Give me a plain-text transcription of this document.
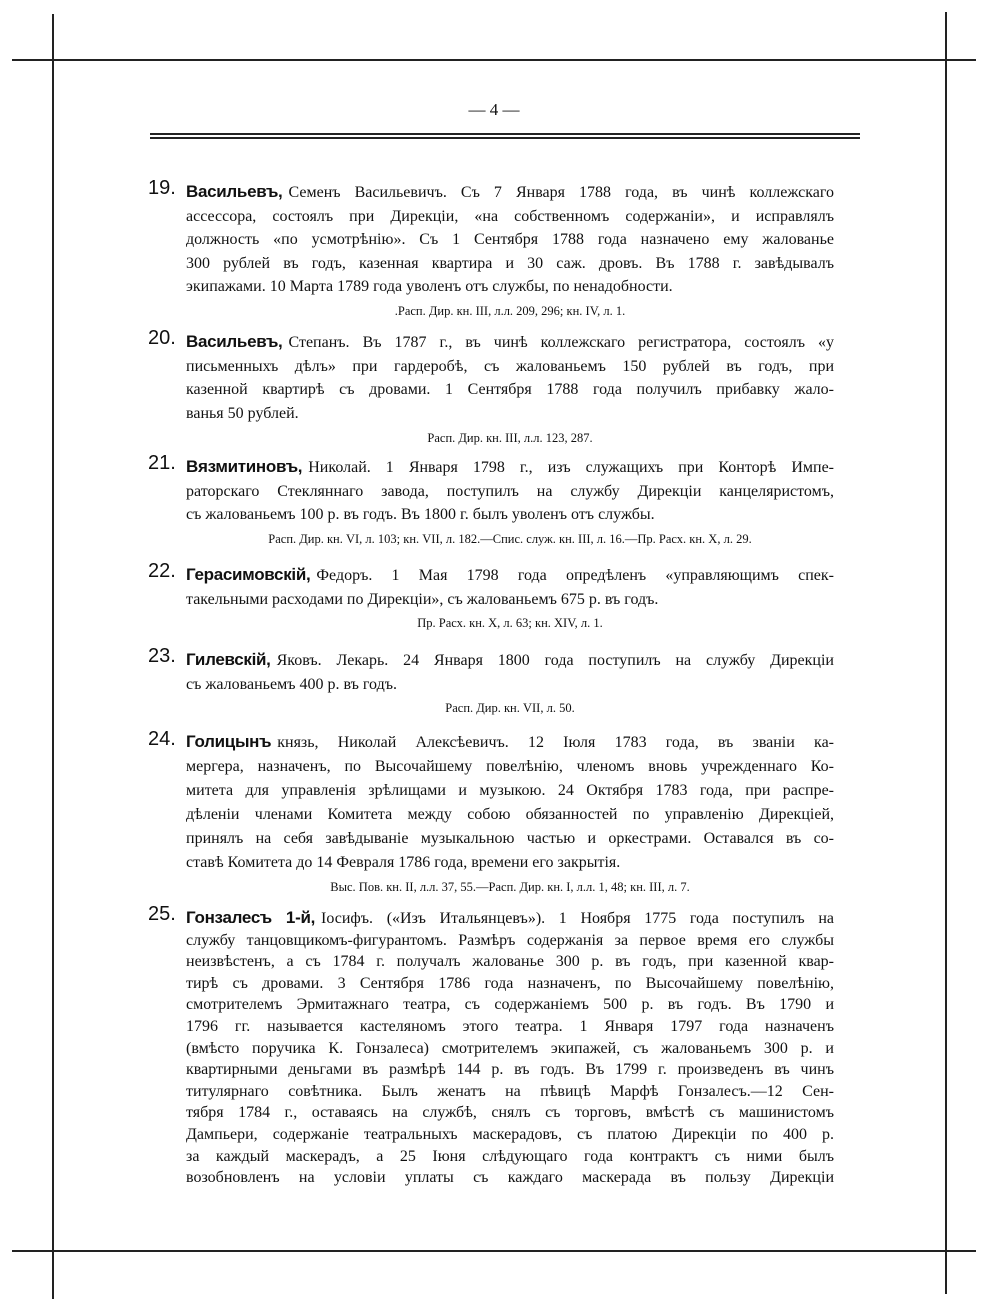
— 4 —
19. Васильевъ, Семенъ Васильевичъ. Съ 7 Января 1788 года, въ чинѣ коллежскаго
ассессора, состоялъ при Дирекціи, «на собственномъ содержаніи», и исправлялъ
должность «по усмотрѣнію». Съ 1 Сентября 1788 года назначено ему жалованье
300 рублей въ годъ, казенная квартира и 30 саж. дровъ. Въ 1788 г. завѣдывалъ
экипажами. 10 Марта 1789 года уволенъ отъ службы, по ненадобности.
.Расп. Дир. кн. III, л.л. 209, 296; кн. IV, л. 1.
20. Васильевъ, Степанъ. Въ 1787 г., въ чинѣ коллежскаго регистратора, состоялъ «у
письменныхъ дѣлъ» при гардеробѣ, съ жалованьемъ 150 рублей въ годъ, при
казенной квартирѣ съ дровами. 1 Сентября 1788 года получилъ прибавку жало-
ванья 50 рублей.
Расп. Дир. кн. III, л.л. 123, 287.
21. Вязмитиновъ, Николай. 1 Января 1798 г., изъ служащихъ при Конторѣ Импе-
раторскаго Стекляннаго завода, поступилъ на службу Дирекціи канцеляристомъ,
съ жалованьемъ 100 р. въ годъ. Въ 1800 г. былъ уволенъ отъ службы.
Расп. Дир. кн. VI, л. 103; кн. VII, л. 182.—Спис. служ. кн. III, л. 16.—Пр. Расх. кн. X, л. 29.
22. Герасимовскій, Федоръ. 1 Мая 1798 года опредѣленъ «управляющимъ спек-
такельными расходами по Дирекціи», съ жалованьемъ 675 р. въ годъ.
Пр. Расх. кн. X, л. 63; кн. XIV, л. 1.
23. Гилевскій, Яковъ. Лекарь. 24 Января 1800 года поступилъ на службу Дирекціи
съ жалованьемъ 400 р. въ годъ.
Расп. Дир. кн. VII, л. 50.
24. Голицынъ князь, Николай Алексѣевичъ. 12 Іюля 1783 года, въ званіи ка-
мергера, назначенъ, по Высочайшему повелѣнію, членомъ вновь учрежденнаго Ко-
митета для управленія зрѣлищами и музыкою. 24 Октября 1783 года, при распре-
дѣленіи членами Комитета между собою обязанностей по управленію Дирекціей,
принялъ на себя завѣдываніе музыкальною частью и оркестрами. Оставался въ со-
ставѣ Комитета до 14 Февраля 1786 года, времени его закрытія.
Выс. Пов. кн. II, л.л. 37, 55.—Расп. Дир. кн. I, л.л. 1, 48; кн. III, л. 7.
25. Гонзалесъ 1-й, Іосифъ. («Изъ Итальянцевъ»). 1 Ноября 1775 года поступилъ на
службу танцовщикомъ-фигурантомъ. Размѣръ содержанія за первое время его службы
неизвѣстенъ, а съ 1784 г. получалъ жалованье 300 р. въ годъ, при казенной квар-
тирѣ съ дровами. 3 Сентября 1786 года назначенъ, по Высочайшему повелѣнію,
смотрителемъ Эрмитажнаго театра, съ содержаніемъ 500 р. въ годъ. Въ 1790 и
1796 гг. называется кастеляномъ этого театра. 1 Января 1797 года назначенъ
(вмѣсто поручика К. Гонзалеса) смотрителемъ экипажей, съ жалованьемъ 300 р. и
квартирными деньгами въ размѣрѣ 144 р. въ годъ. Въ 1799 г. произведенъ въ чинъ
титулярнаго совѣтника. Былъ женатъ на пѣвицѣ Марфѣ Гонзалесъ.—12 Сен-
тября 1784 г., оставаясь на службѣ, снялъ съ торговъ, вмѣстѣ съ машинистомъ
Дампьери, содержаніе театральныхъ маскерадовъ, съ платою Дирекціи по 400 р.
за каждый маскерадъ, а 25 Іюня слѣдующаго года контрактъ съ ними былъ
возобновленъ на условіи уплаты съ каждаго маскерада въ пользу Дирекціи
